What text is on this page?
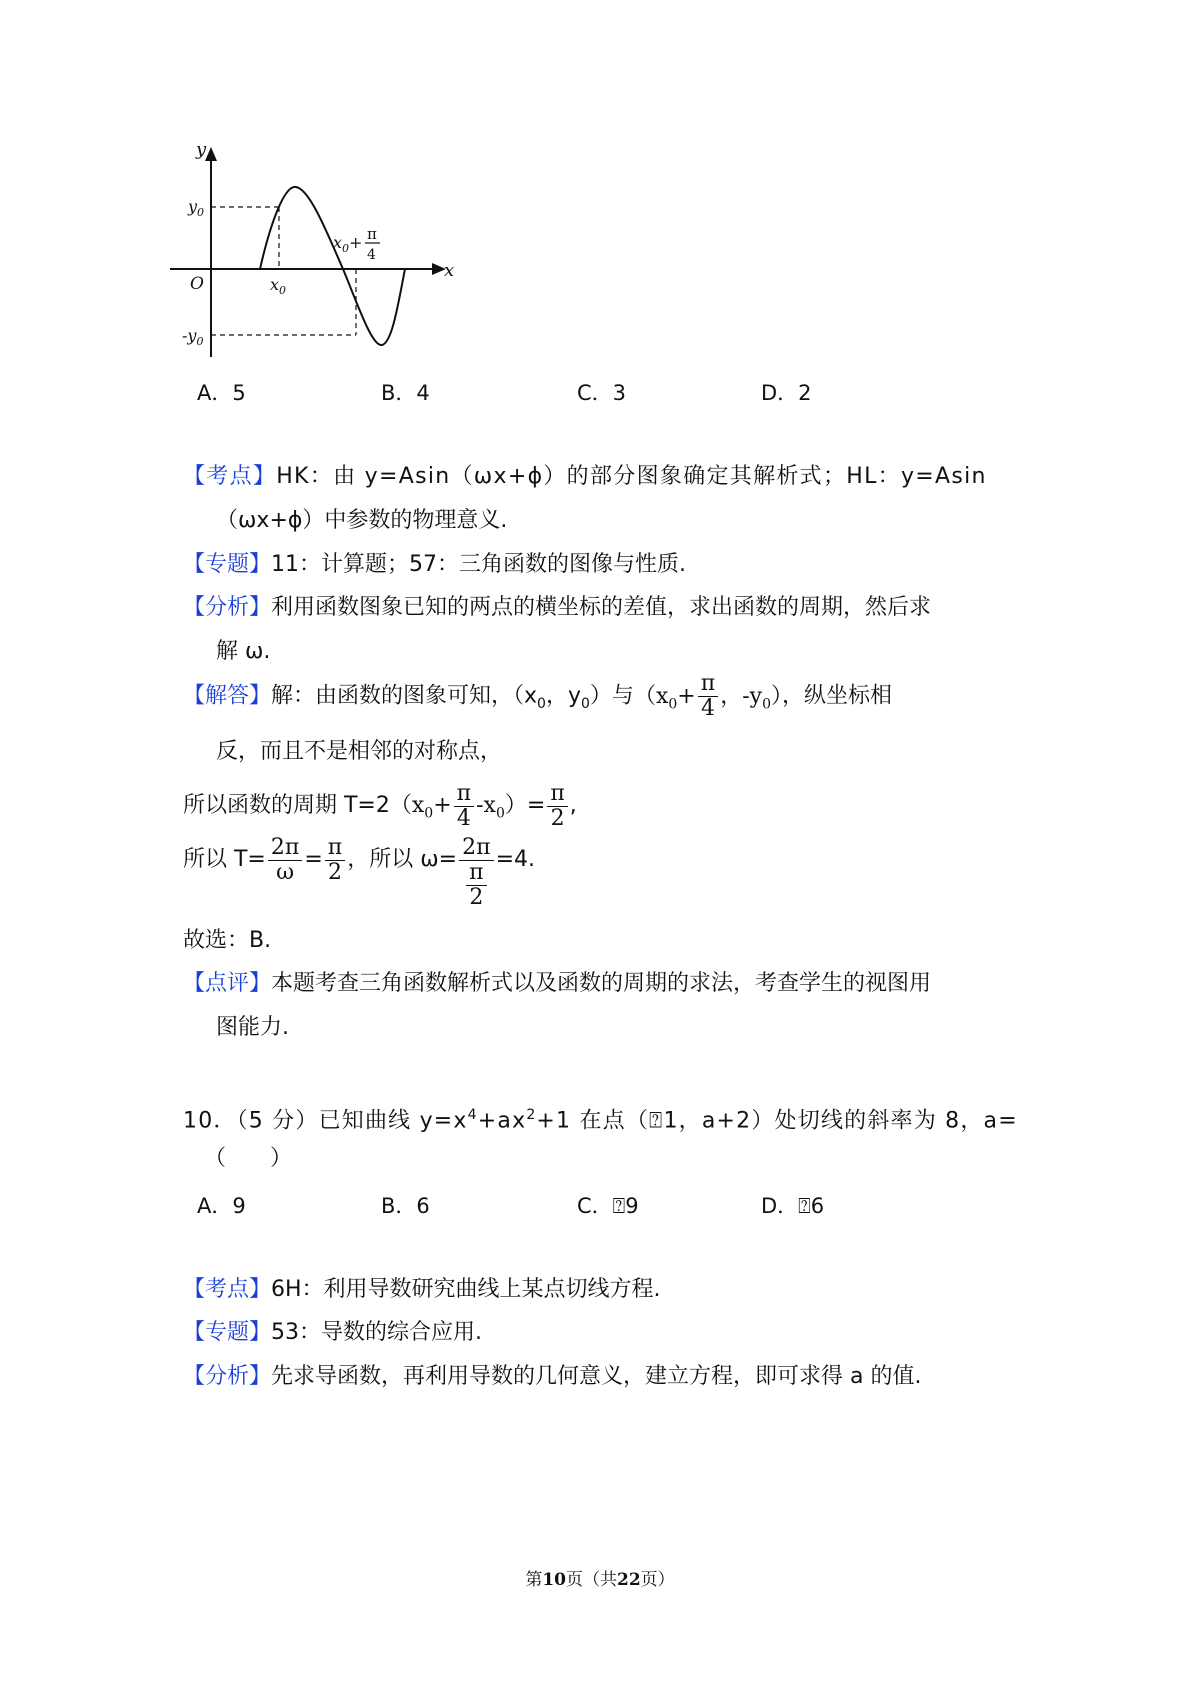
y
x
O
$y_0$
$-y_0$
$x_0$
$x_0+ \pi$
4
A．5	B．4	C．3	D．2
【考点】HK：由 y=Asin（ωx+ϕ）的部分图象确定其解析式；HL：y=Asin
（ωx+ϕ）中参数的物理意义.
【专题】11：计算题；57：三角函数的图像与性质.
【分析】利用函数图象已知的两点的横坐标的差值，求出函数的周期，然后求
解 ω.
【解答】解：由函数的图象可知，（$x_0$，$y_0$）与（$x_0+ \frac{\pi}{4}$ ，$-y_0$），纵坐标相
反，而且不是相邻的对称点，
所以函数的周期 $T=2(x_0+ \frac{\pi}{4} -x_0)= \frac{\pi}{2}$ ,
所以 $T= \frac{2\pi}{\omega} = \frac{\pi}{2}$ ，所以 $\omega= \frac{2\pi}{\frac{\pi}{2}} =4$.
故选：B.
【点评】本题考查三角函数解析式以及函数的周期的求法，考查学生的视图用
图能力.
10．（5 分）已知曲线 $y=x^4+ax^2+1$ 在点（⍰1，a+2）处切线的斜率为 8，a=
（　　）
A．9	B．6	C．⍰9	D．⍰6
【考点】6H：利用导数研究曲线上某点切线方程.
【专题】53：导数的综合应用.
【分析】先求导函数，再利用导数的几何意义，建立方程，即可求得 a 的值.
第10页（共22页）
